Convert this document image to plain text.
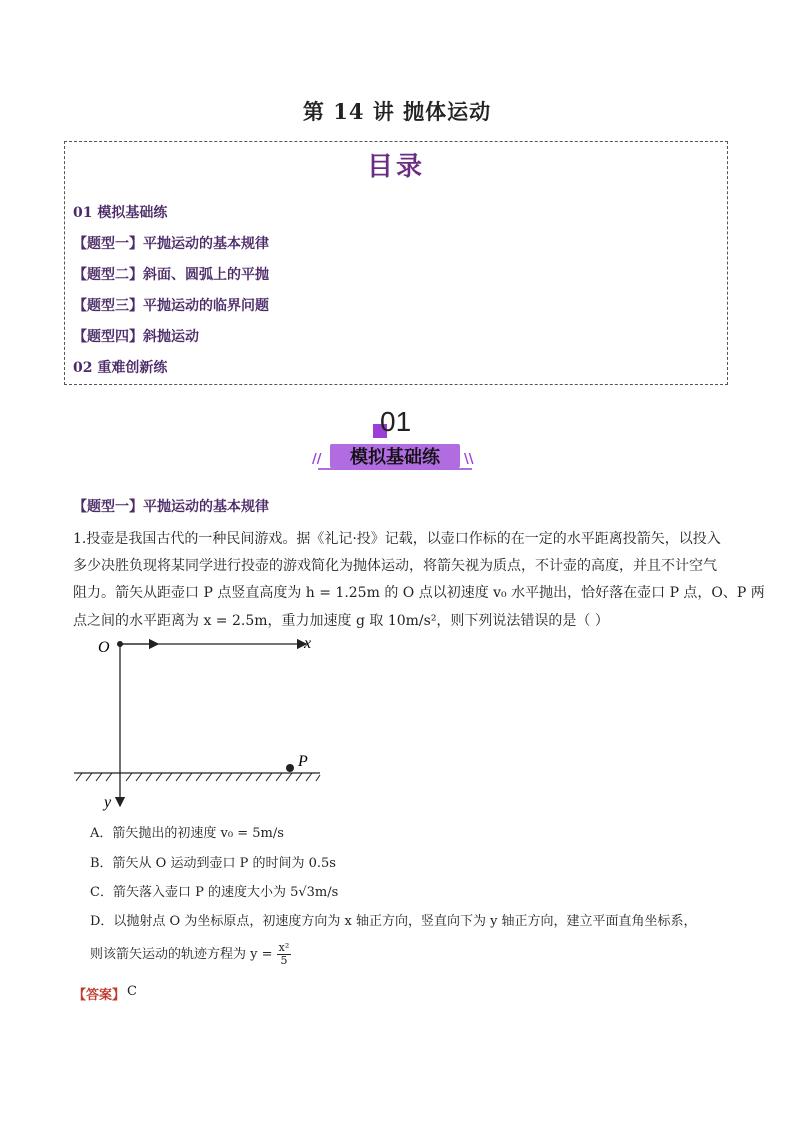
第 14 讲 抛体运动
目录
01 模拟基础练
【题型一】平抛运动的基本规律
【题型二】斜面、圆弧上的平抛
【题型三】平抛运动的临界问题
【题型四】斜抛运动
02 重难创新练
01
模拟基础练
//	\\
【题型一】平抛运动的基本规律
1.投壶是我国古代的一种民间游戏。据《礼记·投》记载，以壶口作标的在一定的水平距离投箭矢，以投入
多少决胜负现将某同学进行投壶的游戏简化为抛体运动，将箭矢视为质点，不计壶的高度，并且不计空气
阻力。箭矢从距壶口 P 点竖直高度为 h = 1.25m 的 O 点以初速度 v₀ 水平抛出，恰好落在壶口 P 点，O、P 两
点之间的水平距离为 x = 2.5m，重力加速度 g 取 10m/s²，则下列说法错误的是（ ）
O	x
y
P
A．箭矢抛出的初速度 v₀ = 5m/s
B．箭矢从 O 运动到壶口 P 的时间为 0.5s
C．箭矢落入壶口 P 的速度大小为 5√3m/s
D．以抛射点 O 为坐标原点，初速度方向为 x 轴正方向，竖直向下为 y 轴正方向，建立平面直角坐标系，
则该箭矢运动的轨迹方程为 $y = \frac{\text{x²}}{5}$
【答案】 C
